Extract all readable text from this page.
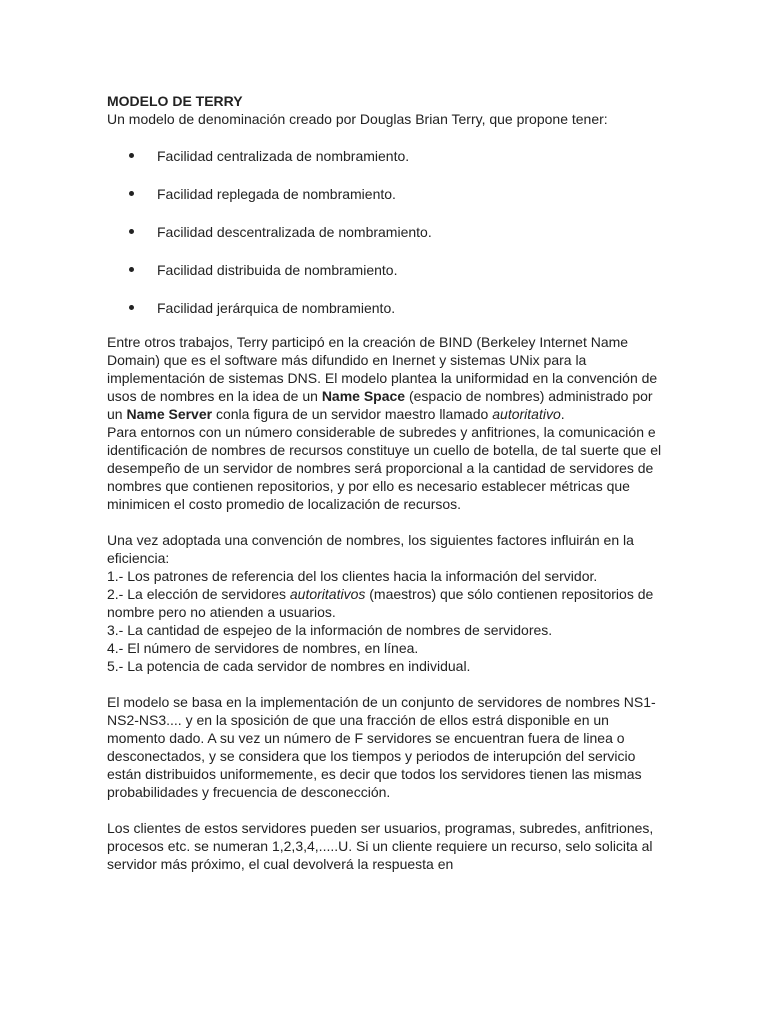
MODELO DE TERRY

Un modelo de denominación creado por Douglas Brian Terry, que propone tener:

Facilidad centralizada de nombramiento.
Facilidad replegada de nombramiento.
Facilidad descentralizada de nombramiento.
Facilidad distribuida de nombramiento.
Facilidad jerárquica de nombramiento.

Entre otros trabajos, Terry participó en la creación de BIND (Berkeley Internet Name Domain) que es el software más difundido en Inernet y sistemas UNix para la implementación de sistemas DNS. El modelo plantea la uniformidad en la convención de usos de nombres en la idea de un Name Space (espacio de nombres) administrado por un Name Server conla figura de un servidor maestro llamado autoritativo.

Para entornos con un número considerable de subredes y anfitriones, la comunicación e identificación de nombres de recursos constituye un cuello de botella, de tal suerte que el desempeño de un servidor de nombres será proporcional a la cantidad de servidores de nombres que contienen repositorios, y por ello es necesario establecer métricas que minimicen el costo promedio de localización de recursos.

Una vez adoptada una convención de nombres, los siguientes factores influirán en la eficiencia:

1.- Los patrones de referencia del los clientes hacia la información del servidor.

2.- La elección de servidores autoritativos (maestros) que sólo contienen repositorios de nombre pero no atienden a usuarios.

3.- La cantidad de espejeo de la información de nombres de servidores.

4.- El número de servidores de nombres, en línea.

5.- La potencia de cada servidor de nombres en individual.

El modelo se basa en la implementación de un conjunto de servidores de nombres NS1-NS2-NS3.... y en la sposición de que una fracción de ellos estrá disponible en un momento dado. A su vez un número de F servidores se encuentran fuera de linea o desconectados, y se considera que los tiempos y periodos de interupción del servicio están distribuidos uniformemente, es decir que todos los servidores tienen las mismas probabilidades y frecuencia de desconección.

Los clientes de estos servidores pueden ser usuarios, programas, subredes, anfitriones, procesos etc. se numeran 1,2,3,4,.....U. Si un cliente requiere un recurso, selo solicita al servidor más próximo, el cual devolverá la respuesta en
